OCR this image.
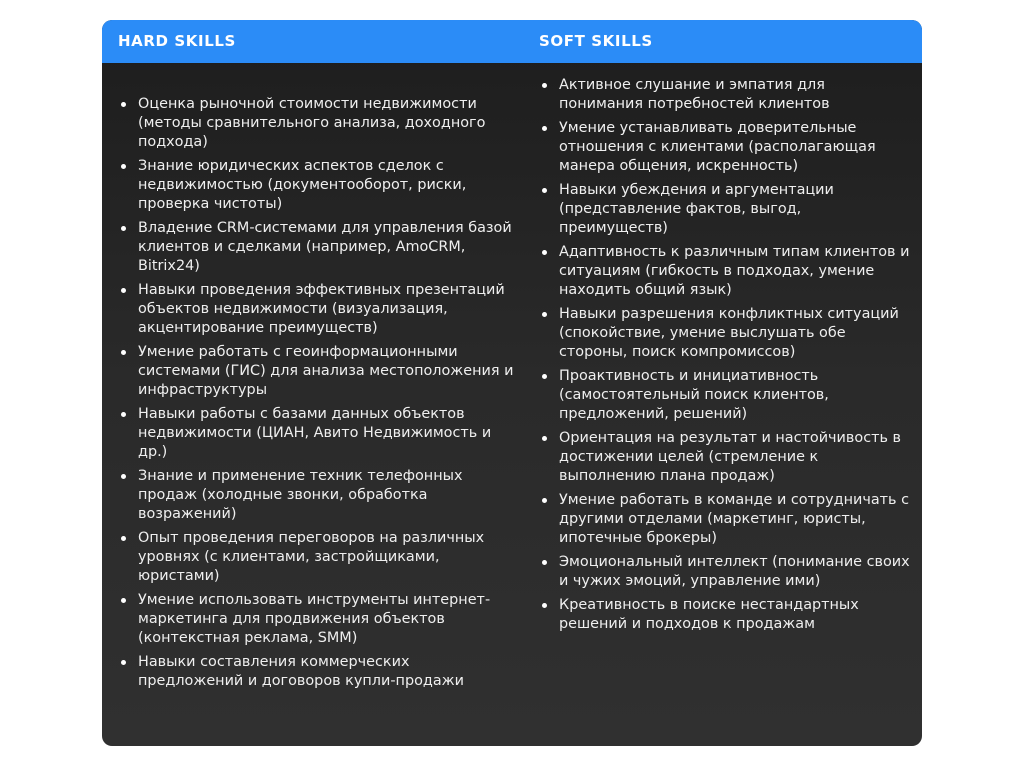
HARD SKILLS	SOFT SKILLS
Оценка рыночной стоимости недвижимости (методы сравнительного анализа, доходного подхода)
Знание юридических аспектов сделок с недвижимостью (документооборот, риски, проверка чистоты)
Владение CRM-системами для управления базой клиентов и сделками (например, AmoCRM, Bitrix24)
Навыки проведения эффективных презентаций объектов недвижимости (визуализация, акцентирование преимуществ)
Умение работать с геоинформационными системами (ГИС) для анализа местоположения и инфраструктуры
Навыки работы с базами данных объектов недвижимости (ЦИАН, Авито Недвижимость и др.)
Знание и применение техник телефонных продаж (холодные звонки, обработка возражений)
Опыт проведения переговоров на различных уровнях (с клиентами, застройщиками, юристами)
Умение использовать инструменты интернет-маркетинга для продвижения объектов (контекстная реклама, SMM)
Навыки составления коммерческих предложений и договоров купли-продажи
Активное слушание и эмпатия для понимания потребностей клиентов
Умение устанавливать доверительные отношения с клиентами (располагающая манера общения, искренность)
Навыки убеждения и аргументации (представление фактов, выгод, преимуществ)
Адаптивность к различным типам клиентов и ситуациям (гибкость в подходах, умение находить общий язык)
Навыки разрешения конфликтных ситуаций (спокойствие, умение выслушать обе стороны, поиск компромиссов)
Проактивность и инициативность (самостоятельный поиск клиентов, предложений, решений)
Ориентация на результат и настойчивость в достижении целей (стремление к выполнению плана продаж)
Умение работать в команде и сотрудничать с другими отделами (маркетинг, юристы, ипотечные брокеры)
Эмоциональный интеллект (понимание своих и чужих эмоций, управление ими)
Креативность в поиске нестандартных решений и подходов к продажам
